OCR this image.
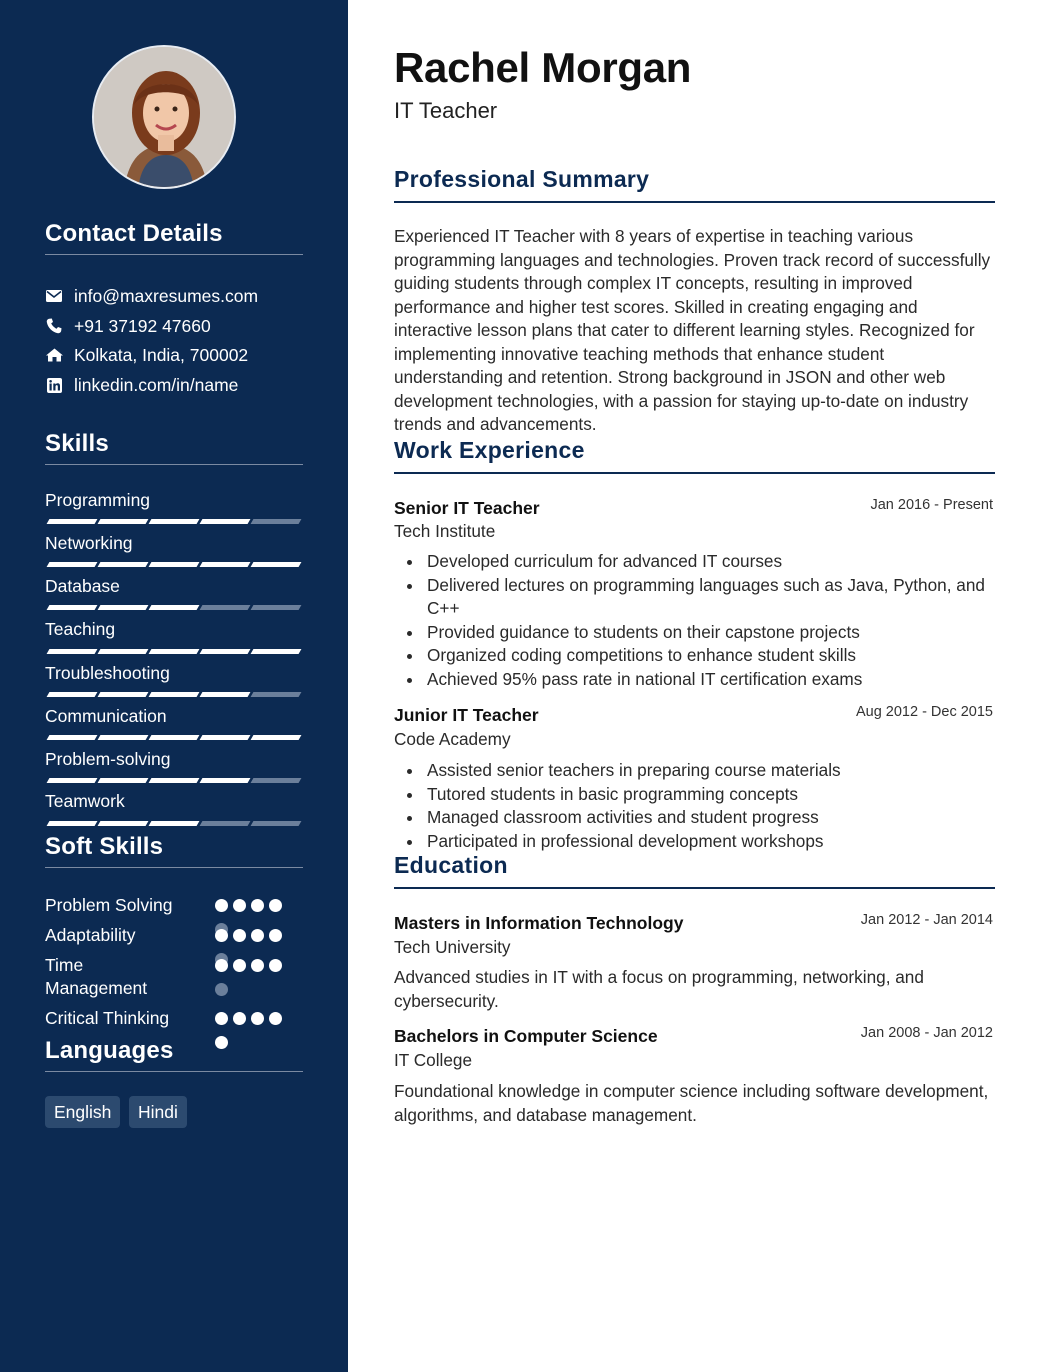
Contact Details
info@maxresumes.com
+91 37192 47660
Kolkata, India, 700002
linkedin.com/in/name
Skills
Programming
Networking
Database
Teaching
Troubleshooting
Communication
Problem-solving
Teamwork
Soft Skills
Problem Solving
Adaptability
Time Management
Critical Thinking
Languages
English	Hindi
Rachel Morgan
IT Teacher
Professional Summary
Experienced IT Teacher with 8 years of expertise in teaching various programming languages and technologies. Proven track record of successfully guiding students through complex IT concepts, resulting in improved performance and higher test scores. Skilled in creating engaging and interactive lesson plans that cater to different learning styles. Recognized for implementing innovative teaching methods that enhance student understanding and retention. Strong background in JSON and other web development technologies, with a passion for staying up-to-date on industry trends and advancements.
Work Experience
Senior IT Teacher	Jan 2016 - Present
Tech Institute
Developed curriculum for advanced IT courses
Delivered lectures on programming languages such as Java, Python, and C++
Provided guidance to students on their capstone projects
Organized coding competitions to enhance student skills
Achieved 95% pass rate in national IT certification exams
Junior IT Teacher	Aug 2012 - Dec 2015
Code Academy
Assisted senior teachers in preparing course materials
Tutored students in basic programming concepts
Managed classroom activities and student progress
Participated in professional development workshops
Education
Masters in Information Technology	Jan 2012 - Jan 2014
Tech University
Advanced studies in IT with a focus on programming, networking, and cybersecurity.
Bachelors in Computer Science	Jan 2008 - Jan 2012
IT College
Foundational knowledge in computer science including software development, algorithms, and database management.
